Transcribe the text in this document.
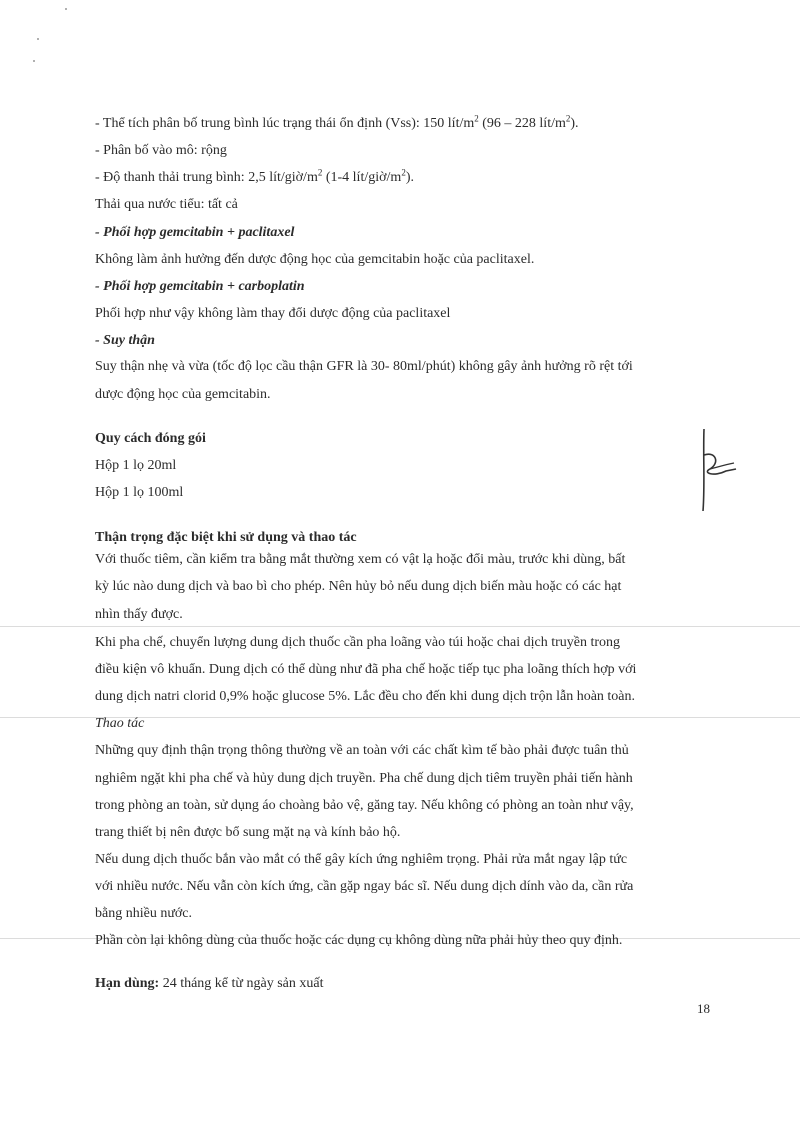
- Thể tích phân bố trung bình lúc trạng thái ổn định (Vss): 150 lít/$m^2$ (96 – 228 lít/$m^2$).
- Phân bố vào mô: rộng
- Độ thanh thải trung bình: 2,5 lít/$giờ/m^2$ (1-4 lít/$giờ/m^2$).
Thải qua nước tiểu: tất cả
- Phối hợp gemcitabin + paclitaxel
Không làm ảnh hưởng đến dược động học của gemcitabin hoặc của paclitaxel.
- Phối hợp gemcitabin + carboplatin
Phối hợp như vậy không làm thay đổi dược động của paclitaxel
- Suy thận
Suy thận nhẹ và vừa (tốc độ lọc cầu thận GFR là 30- 80ml/phút) không gây ảnh hưởng rõ rệt tới
dược động học của gemcitabin.
Quy cách đóng gói
Hộp 1 lọ 20ml
Hộp 1 lọ 100ml
Thận trọng đặc biệt khi sử dụng và thao tác
Với thuốc tiêm, cần kiểm tra bằng mắt thường xem có vật lạ hoặc đổi màu, trước khi dùng, bất
kỳ lúc nào dung dịch và bao bì cho phép. Nên hủy bỏ nếu dung dịch biến màu hoặc có các hạt
nhìn thấy được.
Khi pha chế, chuyển lượng dung dịch thuốc cần pha loãng vào túi hoặc chai dịch truyền trong
điều kiện vô khuẩn. Dung dịch có thể dùng như đã pha chế hoặc tiếp tục pha loãng thích hợp với
dung dịch natri clorid 0,9% hoặc glucose 5%. Lắc đều cho đến khi dung dịch trộn lẫn hoàn toàn.
Thao tác
Những quy định thận trọng thông thường về an toàn với các chất kìm tế bào phải được tuân thủ
nghiêm ngặt khi pha chế và hủy dung dịch truyền. Pha chế dung dịch tiêm truyền phải tiến hành
trong phòng an toàn, sử dụng áo choàng bảo vệ, găng tay. Nếu không có phòng an toàn như vậy,
trang thiết bị nên được bổ sung mặt nạ và kính bảo hộ.
Nếu dung dịch thuốc bắn vào mắt có thể gây kích ứng nghiêm trọng. Phải rửa mắt ngay lập tức
với nhiều nước. Nếu vẫn còn kích ứng, cần gặp ngay bác sĩ. Nếu dung dịch dính vào da, cần rửa
bằng nhiều nước.
Phần còn lại không dùng của thuốc hoặc các dụng cụ không dùng nữa phải hủy theo quy định.
Hạn dùng: 24 tháng kể từ ngày sản xuất
18
